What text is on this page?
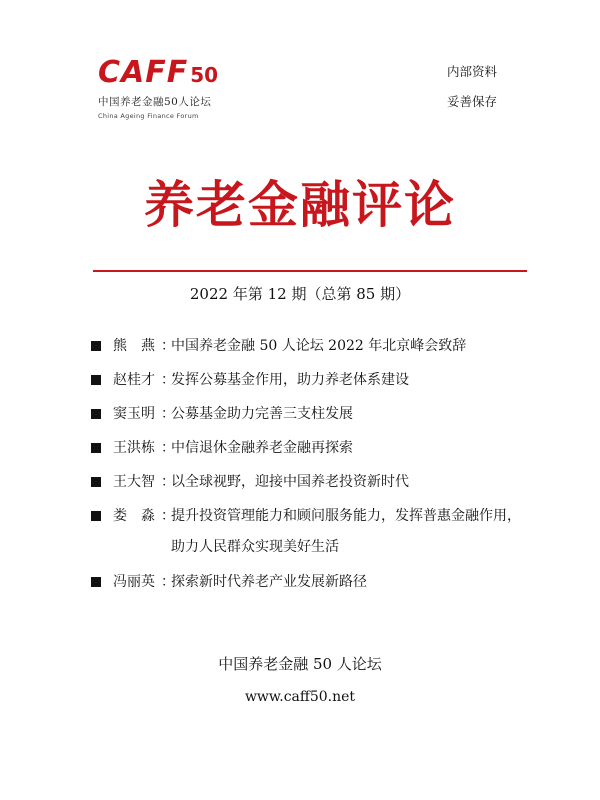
CAFF 50
中国养老金融50人论坛
China Ageing Finance Forum
内部资料
妥善保存
养老金融评论
2022 年第 12 期（总第 85 期）
熊　燕 ：
中国养老金融 50 人论坛 2022 年北京峰会致辞
赵桂才 ：
发挥公募基金作用，助力养老体系建设
窦玉明 ：
公募基金助力完善三支柱发展
王洪栋 ：
中信退休金融养老金融再探索
王大智 ：
以全球视野，迎接中国养老投资新时代
娄　淼 ：
提升投资管理能力和顾问服务能力，发挥普惠金融作用，
助力人民群众实现美好生活
冯丽英 ：
探索新时代养老产业发展新路径
中国养老金融 50 人论坛
www.caff50.net
